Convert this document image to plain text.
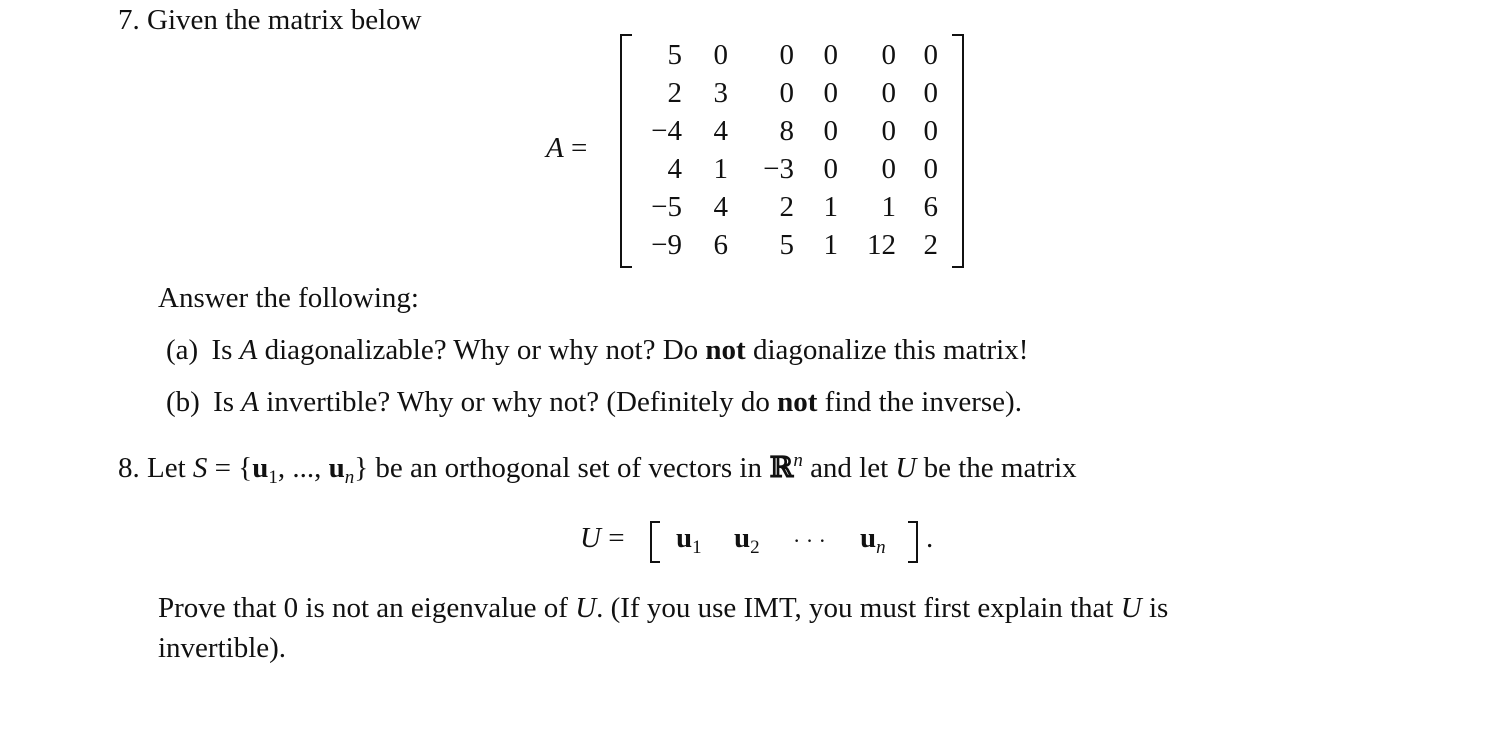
7. Given the matrix below
A =
5	0	0	0	0 0
2	3	0	0	0 0
−4	4	8	0	0 0
4	1	−3	0	0 0
−5	4	2	1	1 6
−9	6	5	1	12 2
Answer the following:
(a) Is A diagonalizable? Why or why not? Do not diagonalize this matrix!
(b) Is A invertible? Why or why not? (Definitely do not find the inverse).
8. Let $S = \{u_1$, ..., $u_n$} be an orthogonal set of vectors in ℝ$^n$ and let U be the matrix
$U = u_1$ $u_2$ · · · $u_n$ .
Prove that 0 is not an eigenvalue of U. (If you use IMT, you must first explain that U is
invertible).
